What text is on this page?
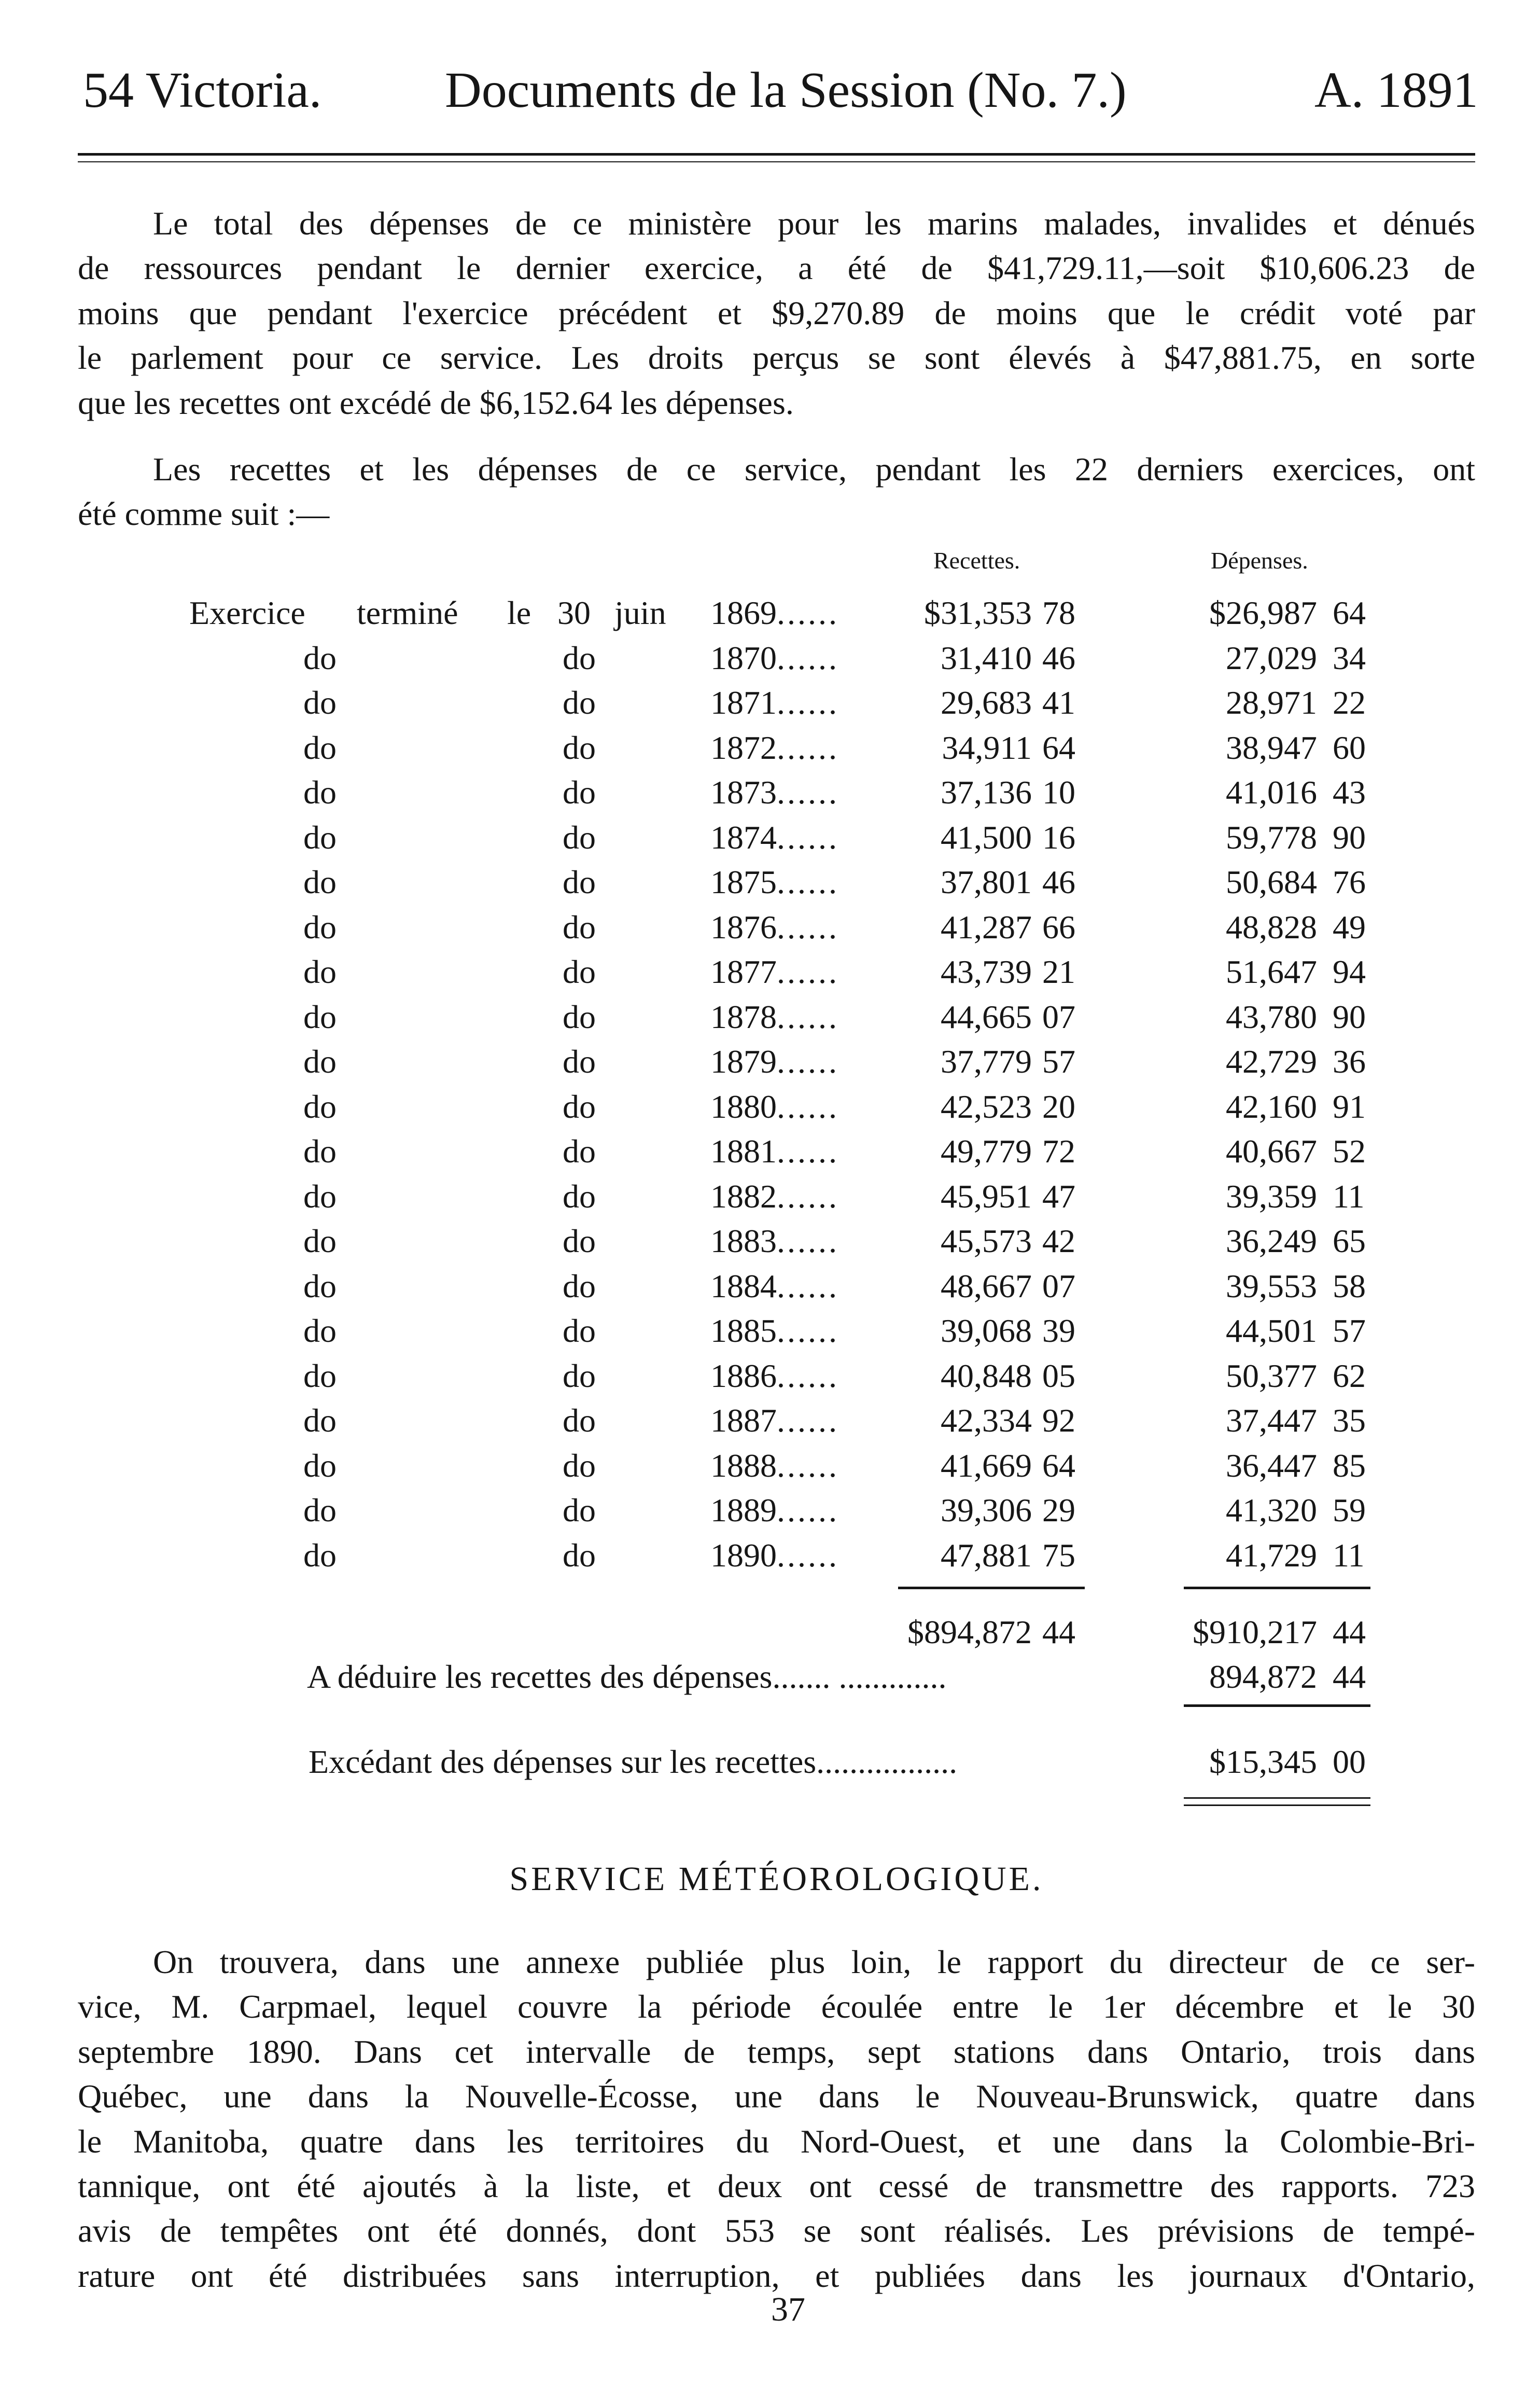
54 Victoria. Documents de la Session (No. 7.)	A. 1891
Le total des dépenses de ce ministère pour les marins malades, invalides et dénués
de ressources pendant le dernier exercice, a été de $41,729.11,—soit $10,606.23 de
moins que pendant l'exercice précédent et $9,270.89 de moins que le crédit voté par
le parlement pour ce service. Les droits perçus se sont élevés à $47,881.75, en sorte
que les recettes ont excédé de $6,152.64 les dépenses.
Les recettes et les dépenses de ce service, pendant les 22 derniers exercices, ont
été comme suit :—
Recettes.	Dépenses.
Exercice terminé le 30 juin 1869......	$31,353 78	$26,987 64
do	do	1870......	31,410 46	27,029 34
do	do	1871......	29,683 41	28,971 22
do	do	1872......	34,911 64	38,947 60
do	do	1873......	37,136 10	41,016 43
do	do	1874......	41,500 16	59,778 90
do	do	1875......	37,801 46	50,684 76
do	do	1876......	41,287 66	48,828 49
do	do	1877......	43,739 21	51,647 94
do	do	1878......	44,665 07	43,780 90
do	do	1879......	37,779 57	42,729 36
do	do	1880......	42,523 20	42,160 91
do	do	1881......	49,779 72	40,667 52
do	do	1882......	45,951 47	39,359 11
do	do	1883......	45,573 42	36,249 65
do	do	1884......	48,667 07	39,553 58
do	do	1885......	39,068 39	44,501 57
do	do	1886......	40,848 05	50,377 62
do	do	1887......	42,334 92	37,447 35
do	do	1888......	41,669 64	36,447 85
do	do	1889......	39,306 29	41,320 59
do	do	1890......	47,881 75	41,729 11
$894,872 44	$910,217 44
A déduire les recettes des dépenses....... .............	894,872 44
Excédant des dépenses sur les recettes.................	$15,345 00
SERVICE MÉTÉOROLOGIQUE.
On trouvera, dans une annexe publiée plus loin, le rapport du directeur de ce ser-
vice, M. Carpmael, lequel couvre la période écoulée entre le 1er décembre et le 30
septembre 1890. Dans cet intervalle de temps, sept stations dans Ontario, trois dans
Québec, une dans la Nouvelle-Écosse, une dans le Nouveau-Brunswick, quatre dans
le Manitoba, quatre dans les territoires du Nord-Ouest, et une dans la Colombie-Bri-
tannique, ont été ajoutés à la liste, et deux ont cessé de transmettre des rapports. 723
avis de tempêtes ont été donnés, dont 553 se sont réalisés. Les prévisions de tempé-
rature ont été distribuées sans interruption, et publiées dans les journaux d'Ontario,
37
